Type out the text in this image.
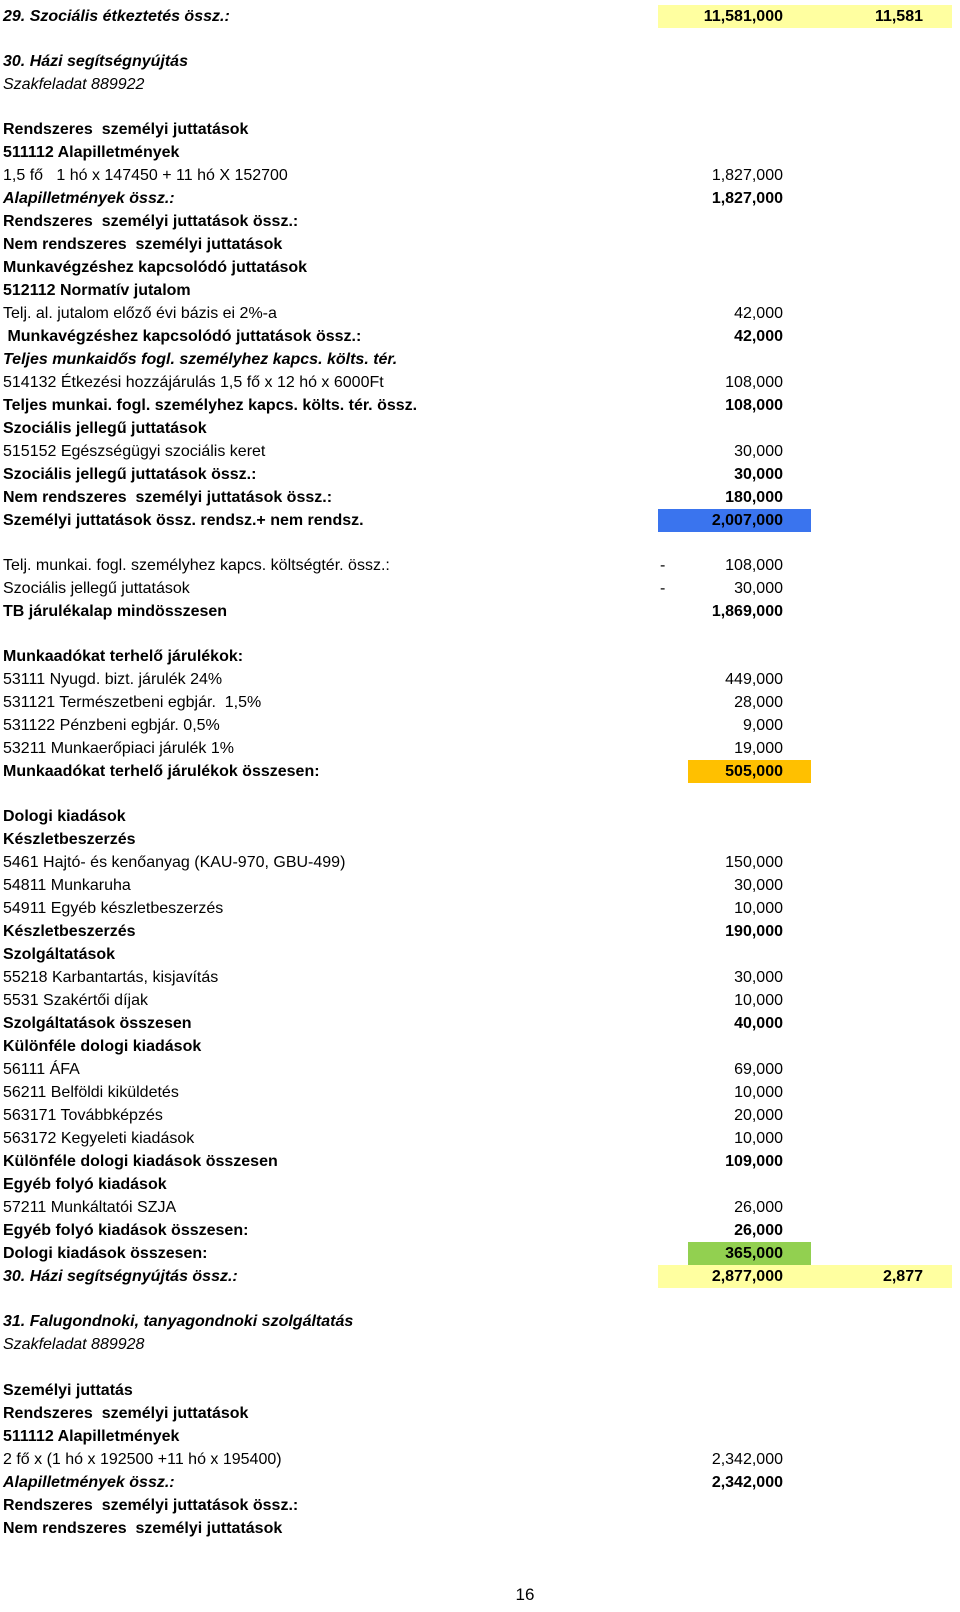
29. Szociális étkeztetés össz.:	11,581,000	11,581
30. Házi segítségnyújtás
Szakfeladat 889922
Rendszeres  személyi juttatások
511112 Alapilletmények
1,5 fő   1 hó x 147450 + 11 hó X 152700	1,827,000
Alapilletmények össz.:	1,827,000
Rendszeres  személyi juttatások össz.:
Nem rendszeres  személyi juttatások
Munkavégzéshez kapcsolódó juttatások
512112 Normatív jutalom
Telj. al. jutalom előző évi bázis ei 2%-a	42,000
Munkavégzéshez kapcsolódó juttatások össz.:	42,000
Teljes munkaidős fogl. személyhez kapcs. költs. tér.
514132 Étkezési hozzájárulás 1,5 fő x 12 hó x 6000Ft	108,000
Teljes munkai. fogl. személyhez kapcs. költs. tér. össz.	108,000
Szociális jellegű juttatások
515152 Egészségügyi szociális keret	30,000
Szociális jellegű juttatások össz.:	30,000
Nem rendszeres  személyi juttatások össz.:	180,000
Személyi juttatások össz. rendsz.+ nem rendsz.	2,007,000
Telj. munkai. fogl. személyhez kapcs. költségtér. össz.:	-	108,000
Szociális jellegű juttatások	-	30,000
TB járulékalap mindösszesen	1,869,000
Munkaadókat terhelő járulékok:
53111 Nyugd. bizt. járulék 24%	449,000
531121 Természetbeni egbjár.  1,5%	28,000
531122 Pénzbeni egbjár. 0,5%	9,000
53211 Munkaerőpiaci járulék 1%	19,000
Munkaadókat terhelő járulékok összesen:	505,000
Dologi kiadások
Készletbeszerzés
5461 Hajtó- és kenőanyag (KAU-970, GBU-499)	150,000
54811 Munkaruha	30,000
54911 Egyéb készletbeszerzés	10,000
Készletbeszerzés	190,000
Szolgáltatások
55218 Karbantartás, kisjavítás	30,000
5531 Szakértői díjak	10,000
Szolgáltatások összesen	40,000
Különféle dologi kiadások
56111 ÁFA	69,000
56211 Belföldi kiküldetés	10,000
563171 Továbbképzés	20,000
563172 Kegyeleti kiadások	10,000
Különféle dologi kiadások összesen	109,000
Egyéb folyó kiadások
57211 Munkáltatói SZJA	26,000
Egyéb folyó kiadások összesen:	26,000
Dologi kiadások összesen:	365,000
30. Házi segítségnyújtás össz.:	2,877,000	2,877
31. Falugondnoki, tanyagondnoki szolgáltatás
Szakfeladat 889928
Személyi juttatás
Rendszeres  személyi juttatások
511112 Alapilletmények
2 fő x (1 hó x 192500 +11 hó x 195400)	2,342,000
Alapilletmények össz.:	2,342,000
Rendszeres  személyi juttatások össz.:
Nem rendszeres  személyi juttatások
16
